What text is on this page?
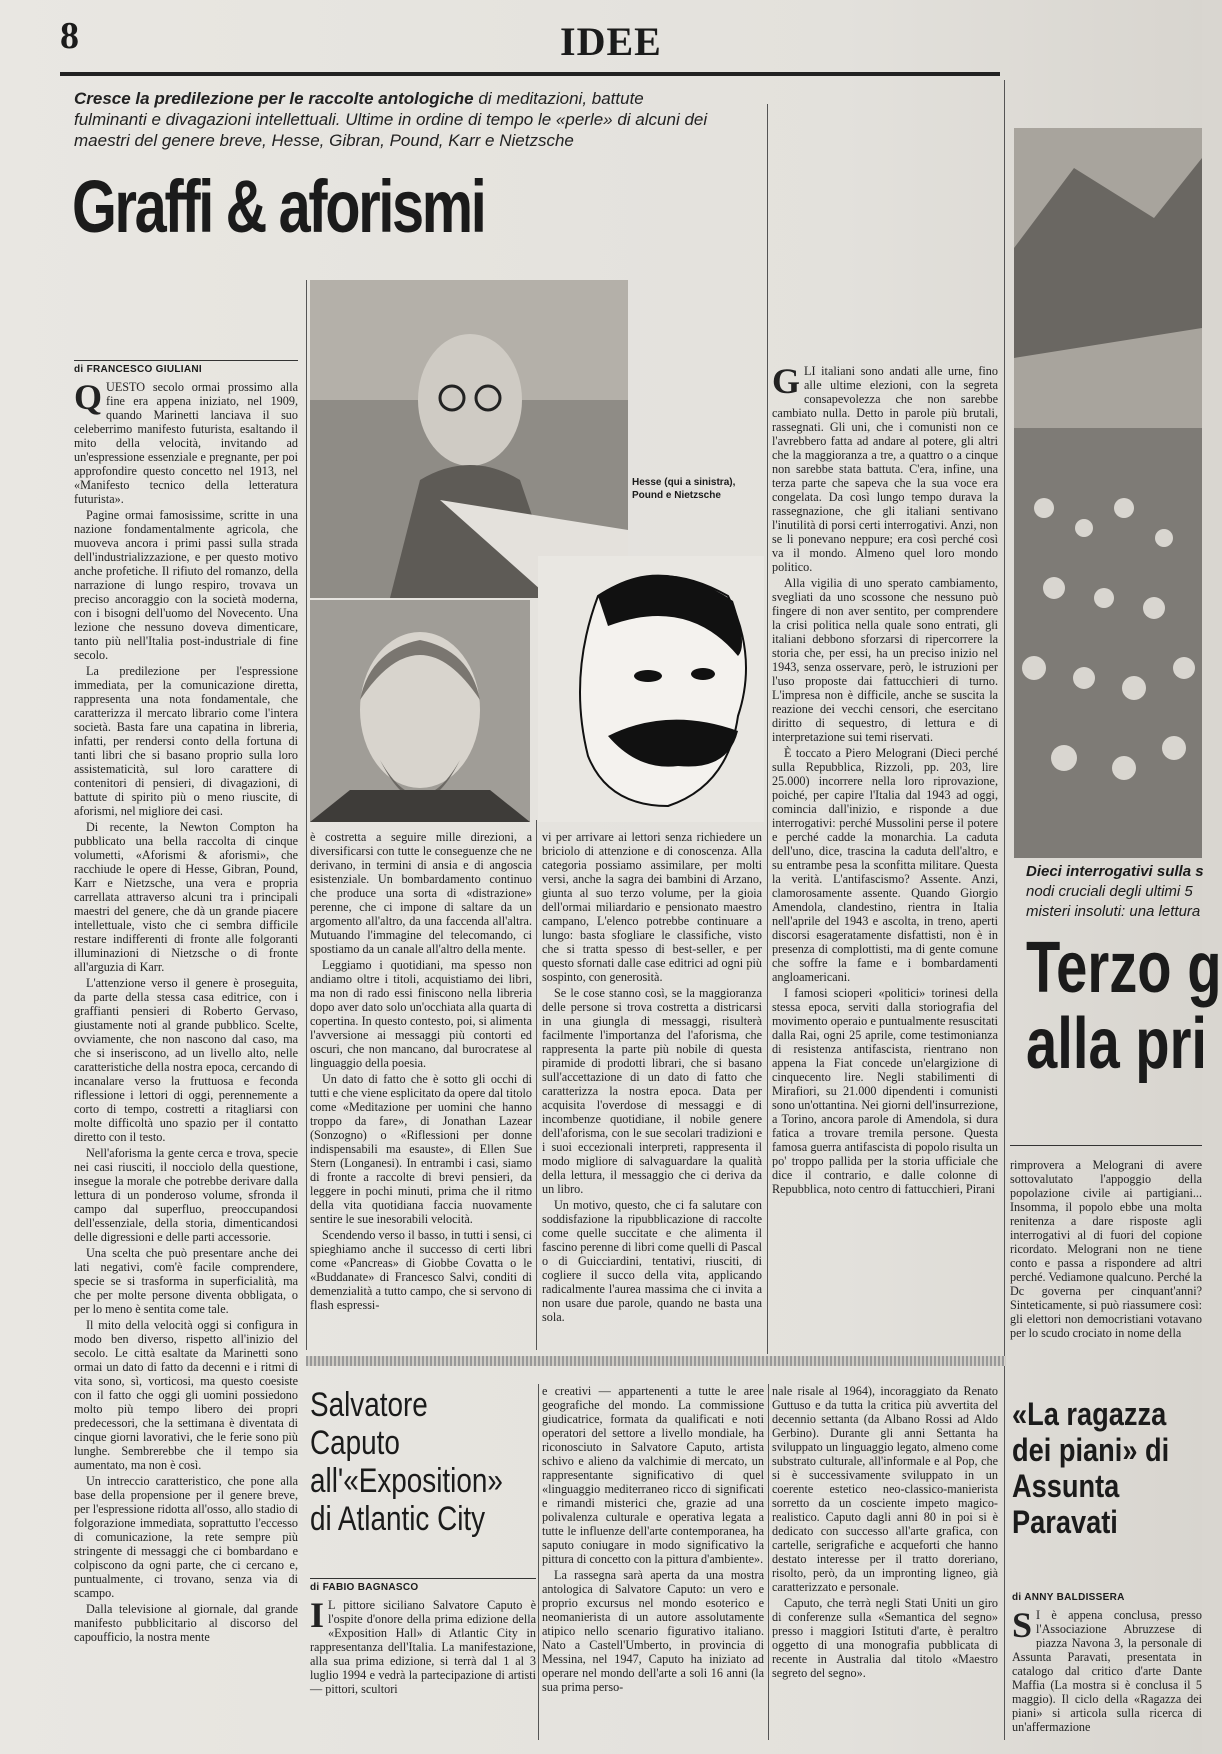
8	IDEE
Cresce la predilezione per le raccolte antologiche di meditazioni, battute fulminanti e divagazioni intellettuali. Ultime in ordine di tempo le «perle» di alcuni dei maestri del genere breve, Hesse, Gibran, Pound, Karr e Nietzsche
Graffi & aforismi
di FRANCESCO GIULIANI

QUESTO secolo ormai prossimo alla fine era appena iniziato, nel 1909, quando Marinetti lanciava il suo celeberrimo manifesto futurista, esaltando il mito della velocità, invitando ad un'espressione essenziale e pregnante, per poi approfondire questo concetto nel 1913, nel «Manifesto tecnico della letteratura futurista».

Pagine ormai famosissime, scritte in una nazione fondamentalmente agricola, che muoveva ancora i primi passi sulla strada dell'industrializzazione, e per questo motivo anche profetiche. Il rifiuto del romanzo, della narrazione di lungo respiro, trovava un preciso ancoraggio con la società moderna, con i bisogni dell'uomo del Novecento. Una lezione che nessuno doveva dimenticare, tanto più nell'Italia post-industriale di fine secolo.

La predilezione per l'espressione immediata, per la comunicazione diretta, rappresenta una nota fondamentale, che caratterizza il mercato librario come l'intera società. Basta fare una capatina in libreria, infatti, per rendersi conto della fortuna di tanti libri che si basano proprio sulla loro assistematicità, sul loro carattere di contenitori di pensieri, di divagazioni, di battute di spirito più o meno riuscite, di aforismi, nel migliore dei casi.

Di recente, la Newton Compton ha pubblicato una bella raccolta di cinque volumetti, «Aforismi & aforismi», che racchiude le opere di Hesse, Gibran, Pound, Karr e Nietzsche, una vera e propria carrellata attraverso alcuni tra i principali maestri del genere, che dà un grande piacere intellettuale, visto che ci sembra difficile restare indifferenti di fronte alle folgoranti illuminazioni di Nietzsche o di fronte all'arguzia di Karr.

L'attenzione verso il genere è proseguita, da parte della stessa casa editrice, con i graffianti pensieri di Roberto Gervaso, giustamente noti al grande pubblico. Scelte, ovviamente, che non nascono dal caso, ma che si inseriscono, ad un livello alto, nelle caratteristiche della nostra epoca, cercando di incanalare verso la fruttuosa e feconda riflessione i lettori di oggi, perennemente a corto di tempo, costretti a ritagliarsi con molte difficoltà uno spazio per il contatto diretto con il testo.

Nell'aforisma la gente cerca e trova, specie nei casi riusciti, il nocciolo della questione, insegue la morale che potrebbe derivare dalla lettura di un ponderoso volume, sfronda il campo dal superfluo, preoccupandosi dell'essenziale, della storia, dimenticandosi delle digressioni e delle parti accessorie.

Una scelta che può presentare anche dei lati negativi, com'è facile comprendere, specie se si trasforma in superficialità, ma che per molte persone diventa obbligata, o per lo meno è sentita come tale.

Il mito della velocità oggi si configura in modo ben diverso, rispetto all'inizio del secolo. Le città esaltate da Marinetti sono ormai un dato di fatto da decenni e i ritmi di vita sono, sì, vorticosi, ma questo coesiste con il fatto che oggi gli uomini possiedono molto più tempo libero dei propri predecessori, che la settimana è diventata di cinque giorni lavorativi, che le ferie sono più lunghe. Sembrerebbe che il tempo sia aumentato, ma non è così.

Un intreccio caratteristico, che pone alla base della propensione per il genere breve, per l'espressione ridotta all'osso, allo stadio di folgorazione immediata, soprattutto l'eccesso di comunicazione, la rete sempre più stringente di messaggi che ci bombardano e colpiscono da ogni parte, che ci cercano e, puntualmente, ci trovano, senza via di scampo.

Dalla televisione al giornale, dal grande manifesto pubblicitario al discorso del capoufficio, la nostra mente

Hesse (qui a sinistra), Pound e Nietzsche

è costretta a seguire mille direzioni, a diversificarsi con tutte le conseguenze che ne derivano, in termini di ansia e di angoscia esistenziale. Un bombardamento continuo che produce una sorta di «distrazione» perenne, che ci impone di saltare da un argomento all'altro, da una faccenda all'altra. Mutuando l'immagine del telecomando, ci spostiamo da un canale all'altro della mente.

Leggiamo i quotidiani, ma spesso non andiamo oltre i titoli, acquistiamo dei libri, ma non di rado essi finiscono nella libreria dopo aver dato solo un'occhiata alla quarta di copertina. In questo contesto, poi, si alimenta l'avversione ai messaggi più contorti ed oscuri, che non mancano, dal burocratese al linguaggio della poesia.

Un dato di fatto che è sotto gli occhi di tutti e che viene esplicitato da opere dal titolo come «Meditazione per uomini che hanno troppo da fare», di Jonathan Lazear (Sonzogno) o «Riflessioni per donne indispensabili ma esauste», di Ellen Sue Stern (Longanesi). In entrambi i casi, siamo di fronte a raccolte di brevi pensieri, da leggere in pochi minuti, prima che il ritmo della vita quotidiana faccia nuovamente sentire le sue inesorabili velocità.

Scendendo verso il basso, in tutti i sensi, ci spieghiamo anche il successo di certi libri come «Pancreas» di Giobbe Covatta o le «Buddanate» di Francesco Salvi, conditi di demenzialità a tutto campo, che si servono di flash espressi-

vi per arrivare ai lettori senza richiedere un briciolo di attenzione e di conoscenza. Alla categoria possiamo assimilare, per molti versi, anche la sagra dei bambini di Arzano, giunta al suo terzo volume, per la gioia dell'ormai miliardario e pensionato maestro campano, L'elenco potrebbe continuare a lungo: basta sfogliare le classifiche, visto che si tratta spesso di best-seller, e per questo sfornati dalle case editrici ad ogni più sospinto, con generosità.

Se le cose stanno così, se la maggioranza delle persone si trova costretta a districarsi in una giungla di messaggi, risulterà facilmente l'importanza del l'aforisma, che rappresenta la parte più nobile di questa piramide di prodotti librari, che si basano sull'accettazione di un dato di fatto che caratterizza la nostra epoca. Data per acquisita l'overdose di messaggi e di incombenze quotidiane, il nobile genere dell'aforisma, con le sue secolari tradizioni e i suoi eccezionali interpreti, rappresenta il modo migliore di salvaguardare la qualità della lettura, il messaggio che ci deriva da un libro.

Un motivo, questo, che ci fa salutare con soddisfazione la ripubblicazione di raccolte come quelle succitate e che alimenta il fascino perenne di libri come quelli di Pascal o di Guicciardini, tentativi, riusciti, di cogliere il succo della vita, applicando radicalmente l'aurea massima che ci invita a non usare due parole, quando ne basta una sola.

GLI italiani sono andati alle urne, fino alle ultime elezioni, con la segreta consapevolezza che non sarebbe cambiato nulla. Detto in parole più brutali, rassegnati. Gli uni, che i comunisti non ce l'avrebbero fatta ad andare al potere, gli altri che la maggioranza a tre, a quattro o a cinque non sarebbe stata battuta. C'era, infine, una terza parte che sapeva che la sua voce era congelata. Da così lungo tempo durava la rassegnazione, che gli italiani sentivano l'inutilità di porsi certi interrogativi. Anzi, non se li ponevano neppure; era così perché così va il mondo. Almeno quel loro mondo politico.

Alla vigilia di uno sperato cambiamento, svegliati da uno scossone che nessuno può fingere di non aver sentito, per comprendere la crisi politica nella quale sono entrati, gli italiani debbono sforzarsi di ripercorrere la storia che, per essi, ha un preciso inizio nel 1943, senza osservare, però, le istruzioni per l'uso proposte dai fattucchieri di turno. L'impresa non è difficile, anche se suscita la reazione dei vecchi censori, che esercitano diritto di sequestro, di lettura e di interpretazione sui temi riservati.

È toccato a Piero Melograni (Dieci perché sulla Repubblica, Rizzoli, pp. 203, lire 25.000) incorrere nella loro riprovazione, poiché, per capire l'Italia dal 1943 ad oggi, comincia dall'inizio, e risponde a due interrogativi: perché Mussolini perse il potere e perché cadde la monarchia. La caduta dell'uno, dice, trascina la caduta dell'altro, e su entrambe pesa la sconfitta militare. Questa la verità. L'antifascismo? Assente. Anzi, clamorosamente assente. Quando Giorgio Amendola, clandestino, rientra in Italia nell'aprile del 1943 e ascolta, in treno, aperti discorsi esageratamente disfattisti, non è in presenza di complottisti, ma di gente comune che soffre la fame e i bombardamenti angloamericani.

I famosi scioperi «politici» torinesi della stessa epoca, serviti dalla storiografia del movimento operaio e puntualmente resuscitati dalla Rai, ogni 25 aprile, come testimonianza di resistenza antifascista, rientrano non appena la Fiat concede un'elargizione di cinquecento lire. Negli stabilimenti di Mirafiori, su 21.000 dipendenti i comunisti sono un'ottantina. Nei giorni dell'insurrezione, a Torino, ancora parole di Amendola, si dura fatica a trovare tremila persone. Questa famosa guerra antifascista di popolo risulta un po' troppo pallida per la storia ufficiale che dice il contrario, e dalle colonne di Repubblica, noto centro di fattucchieri, Pirani

Dieci interrogativi sulla s
nodi cruciali degli ultimi 5
misteri insoluti: una lettura
Terzo g
alla pri

rimprovera a Melograni di avere sottovalutato l'appoggio della popolazione civile ai partigiani... Insomma, il popolo ebbe una molta renitenza a dare risposte agli interrogativi al di fuori del copione ricordato. Melograni non ne tiene conto e passa a rispondere ad altri perché. Vediamone qualcuno. Perché la Dc governa per cinquant'anni? Sinteticamente, si può riassumere così: gli elettori non democristiani votavano per lo scudo crociato in nome della

Salvatore Caputo all'«Exposition» di Atlantic City
di FABIO BAGNASCO

I L pittore siciliano Salvatore Caputo è l'ospite d'onore della prima edizione della «Exposition Hall» di Atlantic City in rappresentanza dell'Italia. La manifestazione, alla sua prima edizione, si terrà dal 1 al 3 luglio 1994 e vedrà la partecipazione di artisti — pittori, scultori

e creativi — appartenenti a tutte le aree geografiche del mondo. La commissione giudicatrice, formata da qualificati e noti operatori del settore a livello mondiale, ha riconosciuto in Salvatore Caputo, artista schivo e alieno da valchimie di mercato, un rappresentante significativo di quel «linguaggio mediterraneo ricco di significati e rimandi misterici che, grazie ad una polivalenza culturale e operativa legata a tutte le influenze dell'arte contemporanea, ha saputo coniugare in modo significativo la pittura di concetto con la pittura d'ambiente».

La rassegna sarà aperta da una mostra antologica di Salvatore Caputo: un vero e proprio excursus nel mondo esoterico e neomanierista di un autore assolutamente atipico nello scenario figurativo italiano. Nato a Castell'Umberto, in provincia di Messina, nel 1947, Caputo ha iniziato ad operare nel mondo dell'arte a soli 16 anni (la sua prima perso-

nale risale al 1964), incoraggiato da Renato Guttuso e da tutta la critica più avvertita del decennio settanta (da Albano Rossi ad Aldo Gerbino). Durante gli anni Settanta ha sviluppato un linguaggio legato, almeno come substrato culturale, all'informale e al Pop, che si è successivamente sviluppato in un coerente estetico neo-classico-manierista sorretto da un cosciente impeto magico-realistico. Caputo dagli anni 80 in poi si è dedicato con successo all'arte grafica, con cartelle, serigrafiche e acqueforti che hanno destato interesse per il tratto doreriano, risolto, però, da un impronting ligneo, già caratterizzato e personale.

Caputo, che terrà negli Stati Uniti un giro di conferenze sulla «Semantica del segno» presso i maggiori Istituti d'arte, è peraltro oggetto di una monografia pubblicata di recente in Australia dal titolo «Maestro segreto del segno».

«La ragazza dei piani» di Assunta Paravati
di ANNY BALDISSERA

S I è appena conclusa, presso l'Associazione Abruzzese di piazza Navona 3, la personale di Assunta Paravati, presentata in catalogo dal critico d'arte Dante Maffia (La mostra si è conclusa il 5 maggio). Il ciclo della «Ragazza dei piani» si articola sulla ricerca di un'affermazione
